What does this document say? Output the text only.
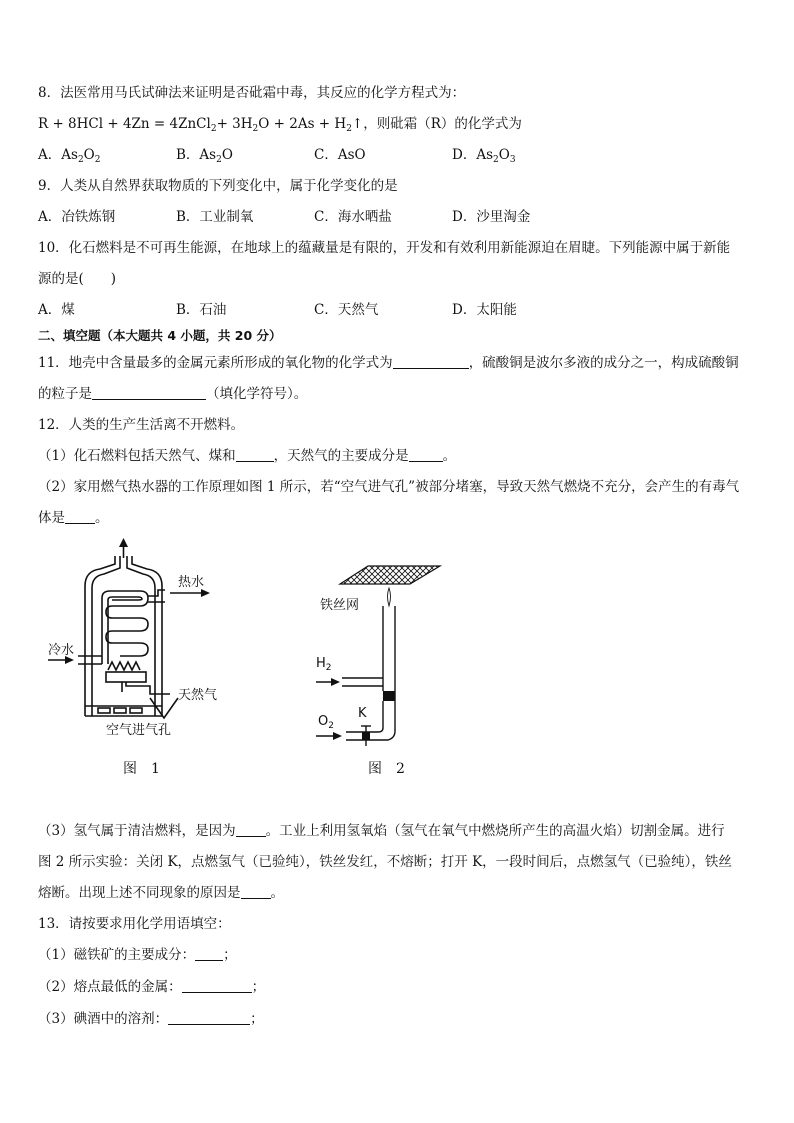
8．法医常用马氏试砷法来证明是否砒霜中毒，其反应的化学方程式为：
R + 8HCl + 4Zn = 4ZnCl$_2$+ $3H_2O + 2As$ + $H_2↑$，则砒霜（R）的化学式为
A．$As_2O_2$	B．$As_2O$	C．AsO	D．$As_2O_3$
9．人类从自然界获取物质的下列变化中，属于化学变化的是
A．冶铁炼钢	B．工业制氧	C．海水晒盐	D．沙里淘金
10．化石燃料是不可再生能源，在地球上的蕴藏量是有限的，开发和有效利用新能源迫在眉睫。下列能源中属于新能
源的是(　　)
A．煤	B．石油	C．天然气	D．太阳能
二、填空题（本大题共 4 小题，共 20 分）
11．地壳中含量最多的金属元素所形成的氧化物的化学式为	，硫酸铜是波尔多液的成分之一，构成硫酸铜
的粒子是	（填化学符号）。
12．人类的生产生活离不开燃料。
（1）化石燃料包括天然气、煤和	，天然气的主要成分是	。
（2）家用燃气热水器的工作原理如图 1 所示，若“空气进气孔”被部分堵塞，导致天然气燃烧不充分，会产生的有毒气
体是 。
热水
冷水
天然气
空气进气孔
图　1
铁丝网
$H_2$
K
$O_2$
图　2
（3）氢气属于清洁燃料，是因为 。工业上利用氢氧焰（氢气在氧气中燃烧所产生的高温火焰）切割金属。进行
图 2 所示实验：关闭 K，点燃氢气（已验纯），铁丝发红，不熔断；打开 K，一段时间后，点燃氢气（已验纯），铁丝
熔断。出现上述不同现象的原因是 。
13．请按要求用化学用语填空：
（1）磁铁矿的主要成分： ；
（2）熔点最低的金属：	；
（3）碘酒中的溶剂：	；
